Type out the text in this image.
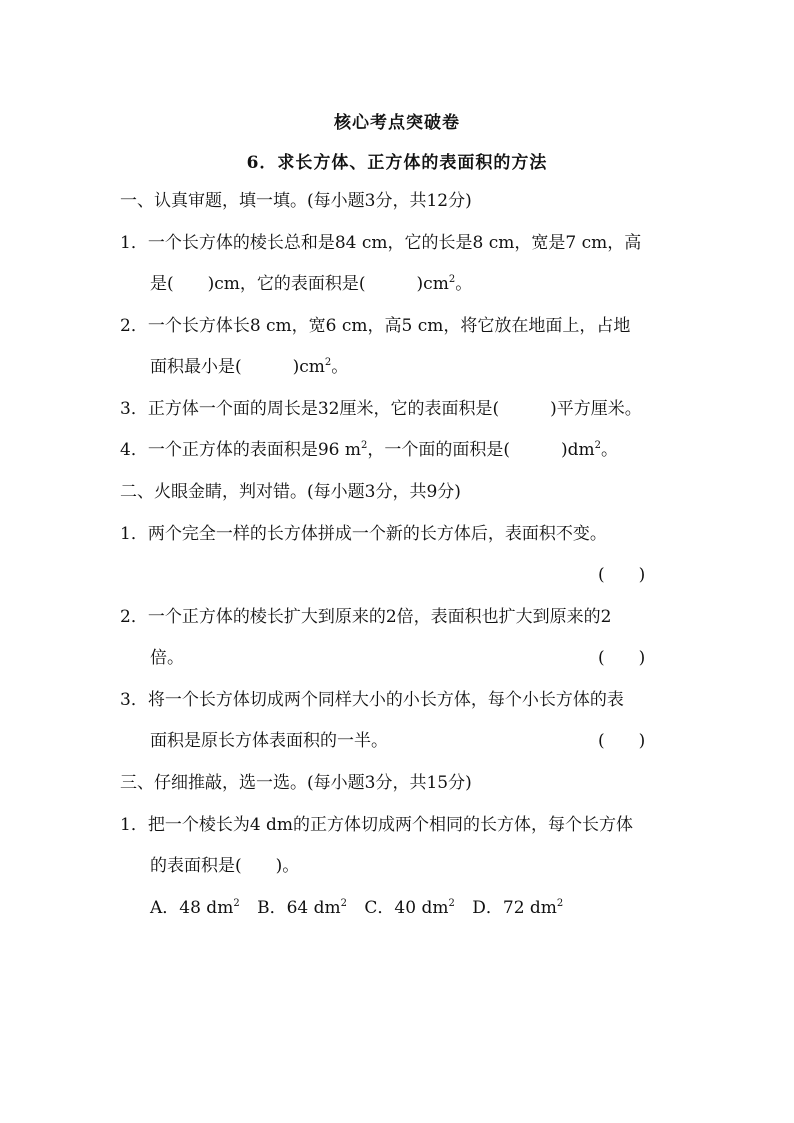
核心考点突破卷
6．求长方体、正方体的表面积的方法
一、认真审题，填一填。(每小题3分，共12分)
1．一个长方体的棱长总和是84 cm，它的长是8 cm，宽是7 cm，高
是(　　)cm，它的表面积是(　　　)$cm^2$。
2．一个长方体长8 cm，宽6 cm，高5 cm，将它放在地面上，占地
面积最小是(　　　)$cm^2$。
3．正方体一个面的周长是32厘米，它的表面积是(　　　)平方厘米。
4．一个正方体的表面积是96 $m^2$，一个面的面积是(　　　)$dm^2$。
二、火眼金睛，判对错。(每小题3分，共9分)
1．两个完全一样的长方体拼成一个新的长方体后，表面积不变。
(　　)
2．一个正方体的棱长扩大到原来的2倍，表面积也扩大到原来的2
倍。	(　　)
3．将一个长方体切成两个同样大小的小长方体，每个小长方体的表
面积是原长方体表面积的一半。	(　　)
三、仔细推敲，选一选。(每小题3分，共15分)
1．把一个棱长为4 dm的正方体切成两个相同的长方体，每个长方体
的表面积是(　　)。
A．48 $dm^2$ B．64 $dm^2$ C．40 $dm^2$ D．72 $dm^2$
